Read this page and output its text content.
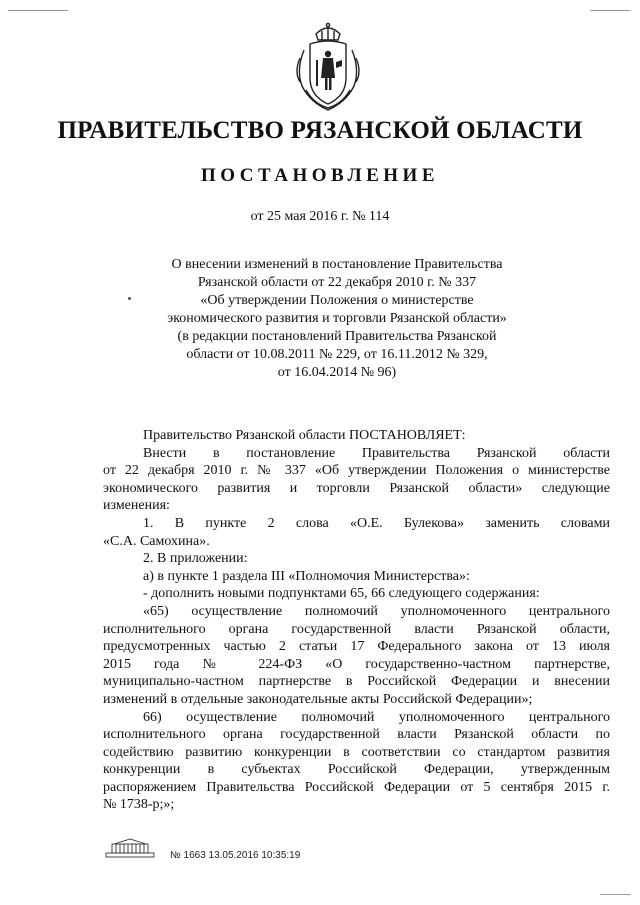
ПРАВИТЕЛЬСТВО РЯЗАНСКОЙ ОБЛАСТИ
ПОСТАНОВЛЕНИЕ
от 25 мая 2016 г. № 114
О внесении изменений в постановление Правительства
Рязанской области от 22 декабря 2010 г. № 337
«Об утверждении Положения о министерстве
экономического развития и торговли Рязанской области»
(в редакции постановлений Правительства Рязанской
области от 10.08.2011 № 229, от 16.11.2012 № 329,
от 16.04.2014 № 96)
Правительство Рязанской области ПОСТАНОВЛЯЕТ:
Внести в постановление Правительства Рязанской области
от 22 декабря 2010 г. № 337 «Об утверждении Положения о министерстве
экономического развития и торговли Рязанской области» следующие
изменения:
1. В пункте 2 слова «О.Е. Булекова» заменить словами
«С.А. Самохина».
2. В приложении:
а) в пункте 1 раздела III «Полномочия Министерства»:
- дополнить новыми подпунктами 65, 66 следующего содержания:
«65) осуществление полномочий уполномоченного центрального
исполнительного органа государственной власти Рязанской области,
предусмотренных частью 2 статьи 17 Федерального закона от 13 июля
2015 года № 224-ФЗ «О государственно-частном партнерстве,
муниципально-частном партнерстве в Российской Федерации и внесении
изменений в отдельные законодательные акты Российской Федерации»;
66) осуществление полномочий уполномоченного центрального
исполнительного органа государственной власти Рязанской области по
содействию развитию конкуренции в соответствии со стандартом развития
конкуренции в субъектах Российской Федерации, утвержденным
распоряжением Правительства Российской Федерации от 5 сентября 2015 г.
№ 1738-р;»;
№ 1663 13.05.2016 10:35:19
